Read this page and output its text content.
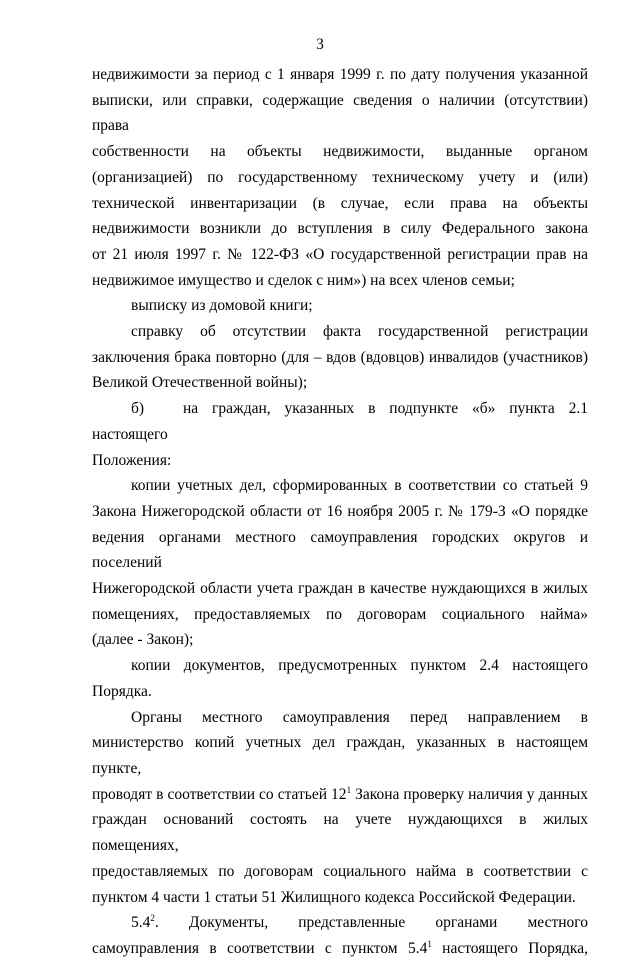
3

недвижимости за период с 1 января 1999 г. по дату получения указанной

выписки, или справки, содержащие сведения о наличии (отсутствии) права

собственности на объекты недвижимости, выданные органом

(организацией) по государственному техническому учету и (или)

технической инвентаризации (в случае, если права на объекты

недвижимости возникли до вступления в силу Федерального закона

от 21 июля 1997 г. № 122-ФЗ «О государственной регистрации прав на

недвижимое имущество и сделок с ним») на всех членов семьи;

выписку из домовой книги;

справку об отсутствии факта государственной регистрации

заключения брака повторно (для – вдов (вдовцов) инвалидов (участников)

Великой Отечественной войны);

б)	на граждан, указанных в подпункте «б» пункта 2.1 настоящего

Положения:

копии учетных дел, сформированных в соответствии со статьей 9

Закона Нижегородской области от 16 ноября 2005 г. № 179-З «О порядке

ведения органами местного самоуправления городских округов и поселений

Нижегородской области учета граждан в качестве нуждающихся в жилых

помещениях, предоставляемых по договорам социального найма»

(далее - Закон);

копии документов, предусмотренных пунктом 2.4 настоящего

Порядка.

Органы местного самоуправления перед направлением в

министерство копий учетных дел граждан, указанных в настоящем пункте,

проводят в соответствии со статьей $12^1$ Закона проверку наличия у данных

граждан оснований состоять на учете нуждающихся в жилых помещениях,

предоставляемых по договорам социального найма в соответствии с

пунктом 4 части 1 статьи 51 Жилищного кодекса Российской Федерации.

$5.4^2$. Документы, представленные органами местного

самоуправления в соответствии с пунктом $5.4^1$ настоящего Порядка,
